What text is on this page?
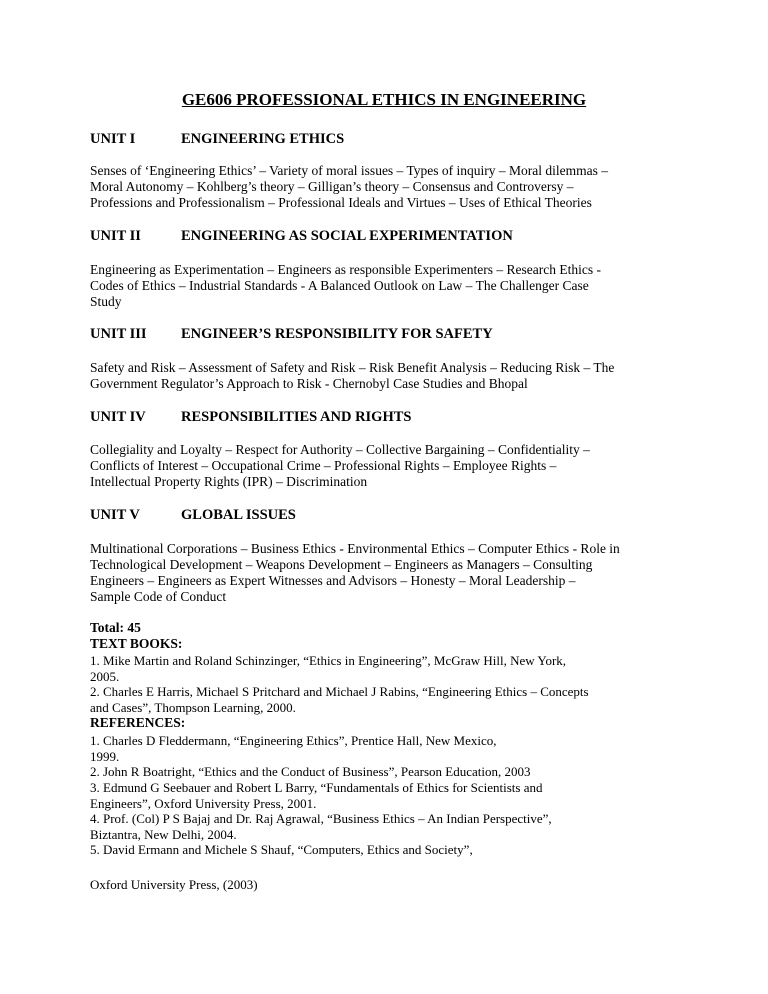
GE606 PROFESSIONAL ETHICS IN ENGINEERING
UNIT I	ENGINEERING ETHICS
Senses of ‘Engineering Ethics’ – Variety of moral issues – Types of inquiry – Moral dilemmas –
Moral Autonomy – Kohlberg’s theory – Gilligan’s theory – Consensus and Controversy –
Professions and Professionalism – Professional Ideals and Virtues – Uses of Ethical Theories
UNIT II	ENGINEERING AS SOCIAL EXPERIMENTATION
Engineering as Experimentation – Engineers as responsible Experimenters – Research Ethics -
Codes of Ethics – Industrial Standards - A Balanced Outlook on Law – The Challenger Case
Study
UNIT III ENGINEER’S RESPONSIBILITY FOR SAFETY
Safety and Risk – Assessment of Safety and Risk – Risk Benefit Analysis – Reducing Risk – The
Government Regulator’s Approach to Risk - Chernobyl Case Studies and Bhopal
UNIT IV RESPONSIBILITIES AND RIGHTS
Collegiality and Loyalty – Respect for Authority – Collective Bargaining – Confidentiality –
Conflicts of Interest – Occupational Crime – Professional Rights – Employee Rights –
Intellectual Property Rights (IPR) – Discrimination
UNIT V	GLOBAL ISSUES
Multinational Corporations – Business Ethics - Environmental Ethics – Computer Ethics - Role in
Technological Development – Weapons Development – Engineers as Managers – Consulting
Engineers – Engineers as Expert Witnesses and Advisors – Honesty – Moral Leadership –
Sample Code of Conduct
Total: 45
TEXT BOOKS:
1. Mike Martin and Roland Schinzinger, “Ethics in Engineering”, McGraw Hill, New York,
2005.
2. Charles E Harris, Michael S Pritchard and Michael J Rabins, “Engineering Ethics – Concepts
and Cases”, Thompson Learning, 2000.
REFERENCES:
1. Charles D Fleddermann, “Engineering Ethics”, Prentice Hall, New Mexico,
1999.
2. John R Boatright, “Ethics and the Conduct of Business”, Pearson Education, 2003
3. Edmund G Seebauer and Robert L Barry, “Fundamentals of Ethics for Scientists and
Engineers”, Oxford University Press, 2001.
4. Prof. (Col) P S Bajaj and Dr. Raj Agrawal, “Business Ethics – An Indian Perspective”,
Biztantra, New Delhi, 2004.
5. David Ermann and Michele S Shauf, “Computers, Ethics and Society”,
Oxford University Press, (2003)
